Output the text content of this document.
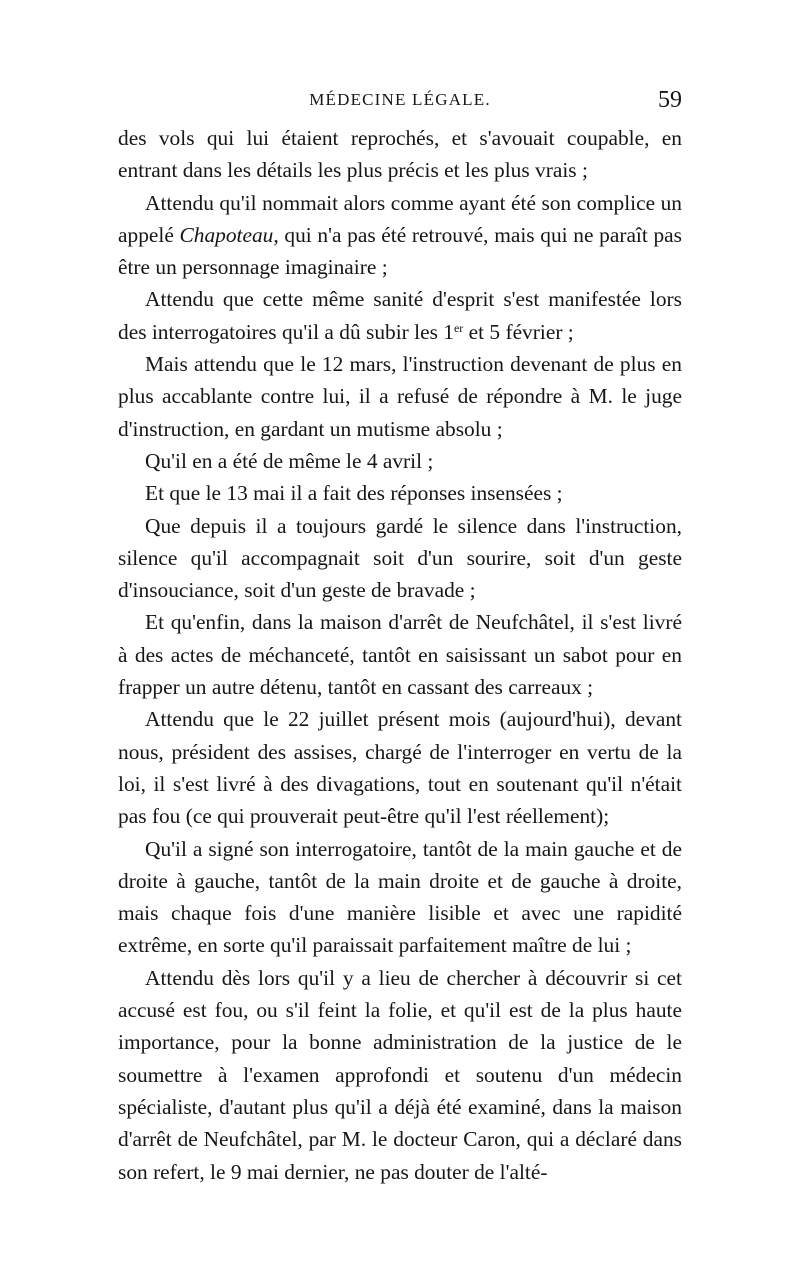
MÉDECINE LÉGALE.	59

des vols qui lui étaient reprochés, et s'avouait coupable, en entrant dans les détails les plus précis et les plus vrais ;

Attendu qu'il nommait alors comme ayant été son complice un appelé Chapoteau, qui n'a pas été retrouvé, mais qui ne paraît pas être un personnage imaginaire ;

Attendu que cette même sanité d'esprit s'est manifestée lors des interrogatoires qu'il a dû subir les 1er et 5 février ;

Mais attendu que le 12 mars, l'instruction devenant de plus en plus accablante contre lui, il a refusé de répondre à M. le juge d'instruction, en gardant un mutisme absolu ;

Qu'il en a été de même le 4 avril ;

Et que le 13 mai il a fait des réponses insensées ;

Que depuis il a toujours gardé le silence dans l'instruction, silence qu'il accompagnait soit d'un sourire, soit d'un geste d'insouciance, soit d'un geste de bravade ;

Et qu'enfin, dans la maison d'arrêt de Neufchâtel, il s'est livré à des actes de méchanceté, tantôt en saisissant un sabot pour en frapper un autre détenu, tantôt en cassant des carreaux ;

Attendu que le 22 juillet présent mois (aujourd'hui), devant nous, président des assises, chargé de l'interroger en vertu de la loi, il s'est livré à des divagations, tout en soutenant qu'il n'était pas fou (ce qui prouverait peut-être qu'il l'est réellement);

Qu'il a signé son interrogatoire, tantôt de la main gauche et de droite à gauche, tantôt de la main droite et de gauche à droite, mais chaque fois d'une manière lisible et avec une rapidité extrême, en sorte qu'il paraissait parfaitement maître de lui ;

Attendu dès lors qu'il y a lieu de chercher à découvrir si cet accusé est fou, ou s'il feint la folie, et qu'il est de la plus haute importance, pour la bonne administration de la justice de le soumettre à l'examen approfondi et soutenu d'un médecin spécialiste, d'autant plus qu'il a déjà été examiné, dans la maison d'arrêt de Neufchâtel, par M. le docteur Caron, qui a déclaré dans son refert, le 9 mai dernier, ne pas douter de l'alté-
